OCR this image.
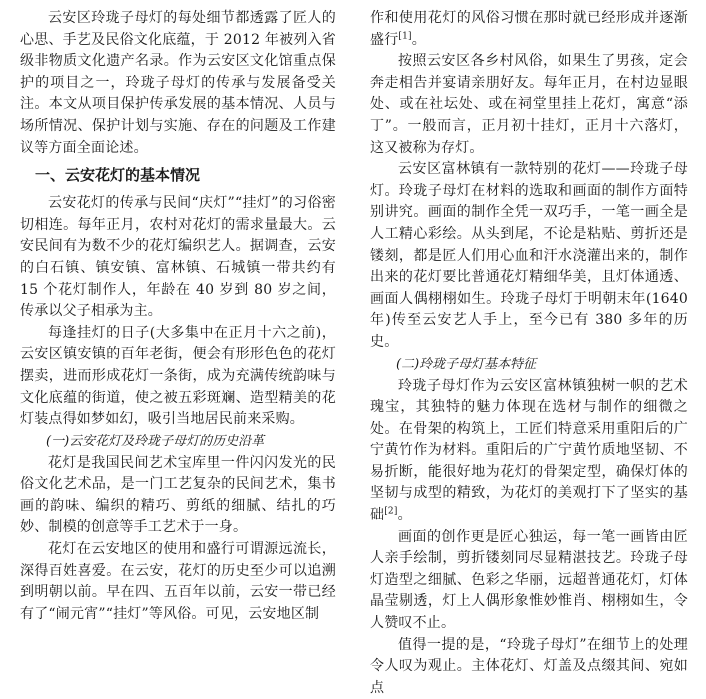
云安区玲珑子母灯的每处细节都透露了匠人的心思、手艺及民俗文化底蕴，于 2012 年被列入省级非物质文化遗产名录。作为云安区文化馆重点保护的项目之一，玲珑子母灯的传承与发展备受关注。本文从项目保护传承发展的基本情况、人员与场所情况、保护计划与实施、存在的问题及工作建议等方面全面论述。

一、云安花灯的基本情况

云安花灯的传承与民间“庆灯”“挂灯”的习俗密切相连。每年正月，农村对花灯的需求量最大。云安民间有为数不少的花灯编织艺人。据调查，云安的白石镇、镇安镇、富林镇、石城镇一带共约有 15 个花灯制作人，年龄在 40 岁到 80 岁之间，传承以父子相承为主。

每逢挂灯的日子(大多集中在正月十六之前)，云安区镇安镇的百年老街，便会有形形色色的花灯摆卖，进而形成花灯一条街，成为充满传统韵味与文化底蕴的街道，使之被五彩斑斓、造型精美的花灯装点得如梦如幻，吸引当地居民前来采购。

(一)云安花灯及玲珑子母灯的历史沿革

花灯是我国民间艺术宝库里一件闪闪发光的民俗文化艺术品，是一门工艺复杂的民间艺术，集书画的韵味、编织的精巧、剪纸的细腻、结扎的巧妙、制模的创意等手工艺术于一身。

花灯在云安地区的使用和盛行可谓源远流长，深得百姓喜爱。在云安，花灯的历史至少可以追溯到明朝以前。早在四、五百年以前，云安一带已经有了“闹元宵”“挂灯”等风俗。可见，云安地区制

作和使用花灯的风俗习惯在那时就已经形成并逐渐盛行[1]。

按照云安区各乡村风俗，如果生了男孩，定会奔走相告并宴请亲朋好友。每年正月，在村边显眼处、或在社坛处、或在祠堂里挂上花灯，寓意“添丁”。一般而言，正月初十挂灯，正月十六落灯，这又被称为存灯。

云安区富林镇有一款特别的花灯——玲珑子母灯。玲珑子母灯在材料的选取和画面的制作方面特别讲究。画面的制作全凭一双巧手，一笔一画全是人工精心彩绘。从头到尾，不论是粘贴、剪折还是镂刻，都是匠人们用心血和汗水浇灌出来的，制作出来的花灯要比普通花灯精细华美，且灯体通透、画面人偶栩栩如生。玲珑子母灯于明朝末年(1640 年)传至云安艺人手上，至今已有 380 多年的历史。

(二)玲珑子母灯基本特征

玲珑子母灯作为云安区富林镇独树一帜的艺术瑰宝，其独特的魅力体现在选材与制作的细微之处。在骨架的构筑上，工匠们特意采用重阳后的广宁黄竹作为材料。重阳后的广宁黄竹质地坚韧、不易折断，能很好地为花灯的骨架定型，确保灯体的坚韧与成型的精致，为花灯的美观打下了坚实的基础[2]。

画面的创作更是匠心独运，每一笔一画皆由匠人亲手绘制，剪折镂刻同尽显精湛技艺。玲珑子母灯造型之细腻、色彩之华丽，远超普通花灯，灯体晶莹剔透，灯上人偶形象惟妙惟肖、栩栩如生，令人赞叹不止。

值得一提的是，“玲珑子母灯”在细节上的处理令人叹为观止。主体花灯、灯盖及点缀其间、宛如点
